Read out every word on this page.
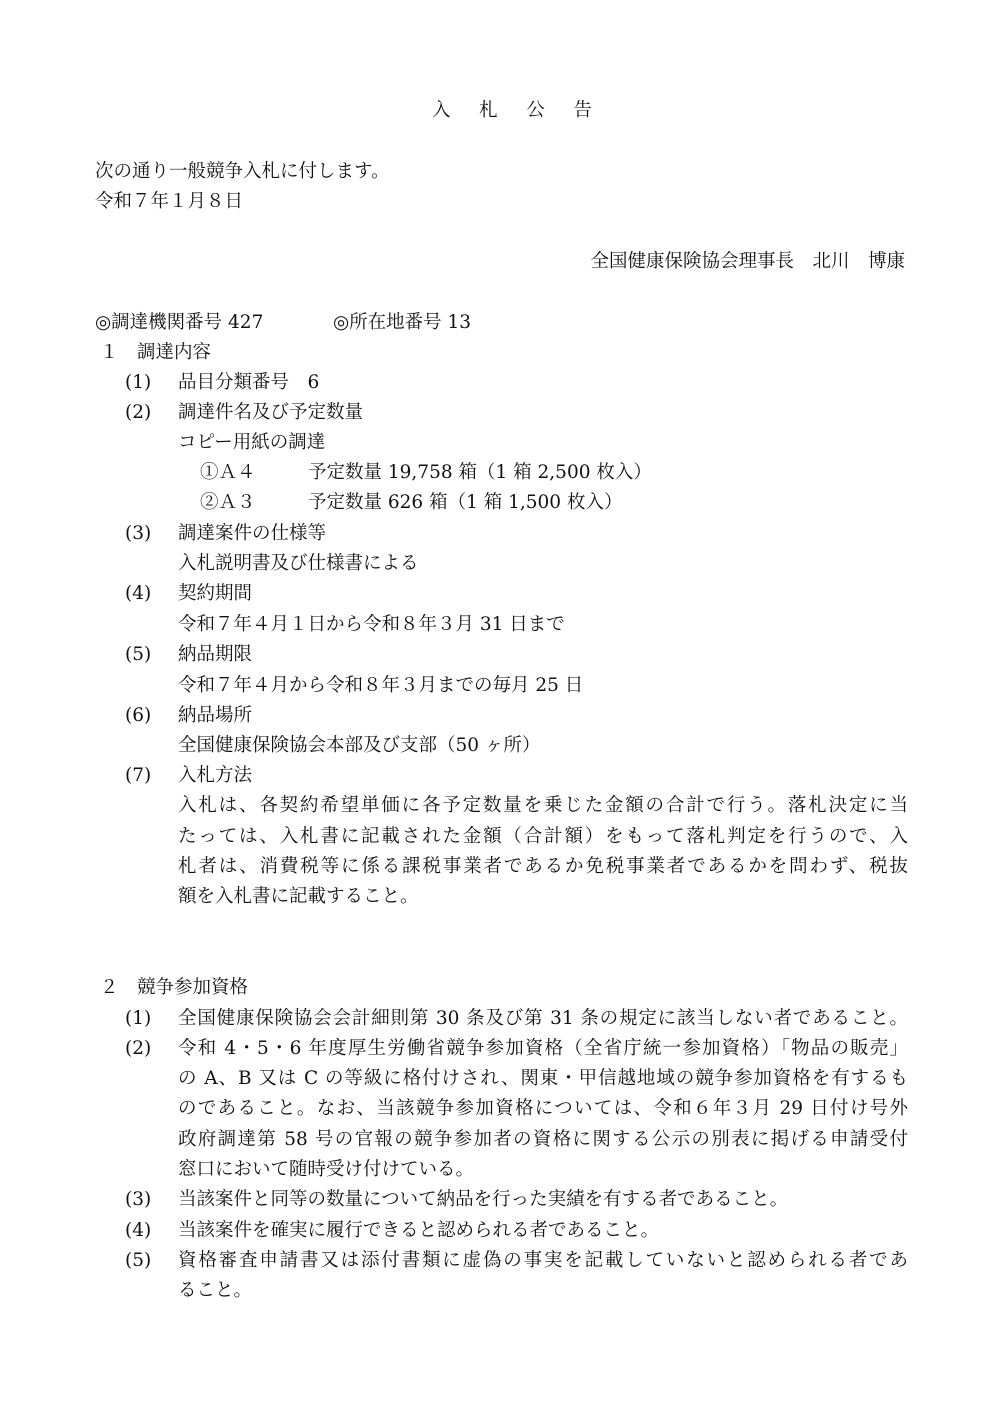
入札公告
次の通り一般競争入札に付します。
令和７年１月８日
全国健康保険協会理事長　北川　博康
◎調達機関番号 427	◎所在地番号 13
１　調達内容
(1) 品目分類番号　6
(2) 調達件名及び予定数量
コピー用紙の調達
①Ａ４	予定数量 19,758 箱（1 箱 2,500 枚入）
②Ａ３	予定数量 626 箱（1 箱 1,500 枚入）
(3) 調達案件の仕様等
入札説明書及び仕様書による
(4) 契約期間
令和７年４月１日から令和８年３月 31 日まで
(5) 納品期限
令和７年４月から令和８年３月までの毎月 25 日
(6) 納品場所
全国健康保険協会本部及び支部（50 ヶ所）
(7) 入札方法
入札は、各契約希望単価に各予定数量を乗じた金額の合計で行う。落札決定に当
たっては、入札書に記載された金額（合計額）をもって落札判定を行うので、入
札者は、消費税等に係る課税事業者であるか免税事業者であるかを問わず、税抜
額を入札書に記載すること。
２　競争参加資格
(1) 全国健康保険協会会計細則第 30 条及び第 31 条の規定に該当しない者であること。
(2) 令和 4・5・6 年度厚生労働省競争参加資格（全省庁統一参加資格）「物品の販売」
の A、B 又は C の等級に格付けされ、関東・甲信越地域の競争参加資格を有するも
のであること。なお、当該競争参加資格については、令和６年３月 29 日付け号外
政府調達第 58 号の官報の競争参加者の資格に関する公示の別表に掲げる申請受付
窓口において随時受け付けている。
(3) 当該案件と同等の数量について納品を行った実績を有する者であること。
(4) 当該案件を確実に履行できると認められる者であること。
(5) 資格審査申請書又は添付書類に虚偽の事実を記載していないと認められる者であ
ること。
